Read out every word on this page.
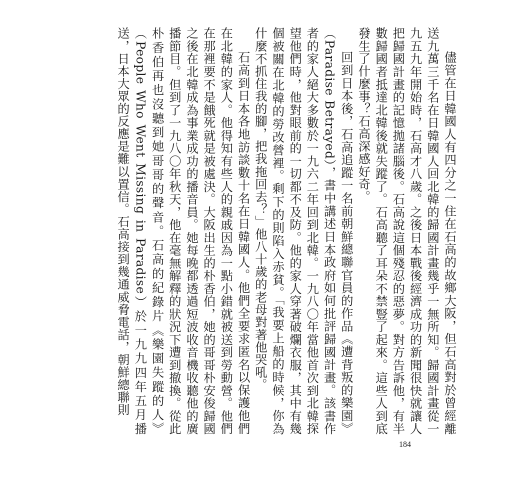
儘管在日韓國人有四分之一住在石高的故鄉大阪，但石高對於曾經離送九萬三千名在日韓國人回北韓的歸國計畫幾乎一無所知。歸國計畫從一九五九年開始時，石高才八歲。之後日本戰後經濟成功的新聞很快就讓人把歸國計畫的記憶拋諸腦後。石高說這個殘忍的惡夢。對方告訴他，有半數歸國者抵達北韓後就失蹤了。石高聽了耳朵不禁豎了起來。這些人到底發生了什麼事？石高深感好奇。

回到日本後，石高追蹤一名前朝鮮總聯官員的作品《遭背叛的樂園》（Paradise Betrayed），書中講述日本政府如何批評歸國計畫。該書作者的家人絕大多數於一九六二年回到北韓。一九八〇年當他首次到北韓探望他們時，他對眼前的一切都不及防。他的家人穿著破爛衣服，其中有幾個被關在北韓的勞改營裡。剩下的則陷入赤貧。「我要上船的時候，你為什麼不抓住我的腳，把我拖回去？」他八十歲的老母對著他哭吼。

石高到日本各地訪談數十名在日韓國人。他們全要求匿名以保護他們在北韓的家人。他得知有些人的親戚因為一點小錯就被送到勞動營。他們在那裡要不是餓死就是被處決。大阪出生的朴香伯，她的哥哥朴安俊歸國之後在北韓成為事業成功的播音員。她每晚都透過短波收音機收聽他的廣播節目。但到了一九八〇年秋天，他在毫無解釋的狀況下遭到撤換。從此朴香伯再也沒聽到她哥哥的聲音。石高的紀錄片《樂園失蹤的人》（People Who Went Missing in Paradise）於一九九四年五月播送，日本大眾的反應是難以置信。石高接到幾通威脅電話，朝鮮總聯則

184
